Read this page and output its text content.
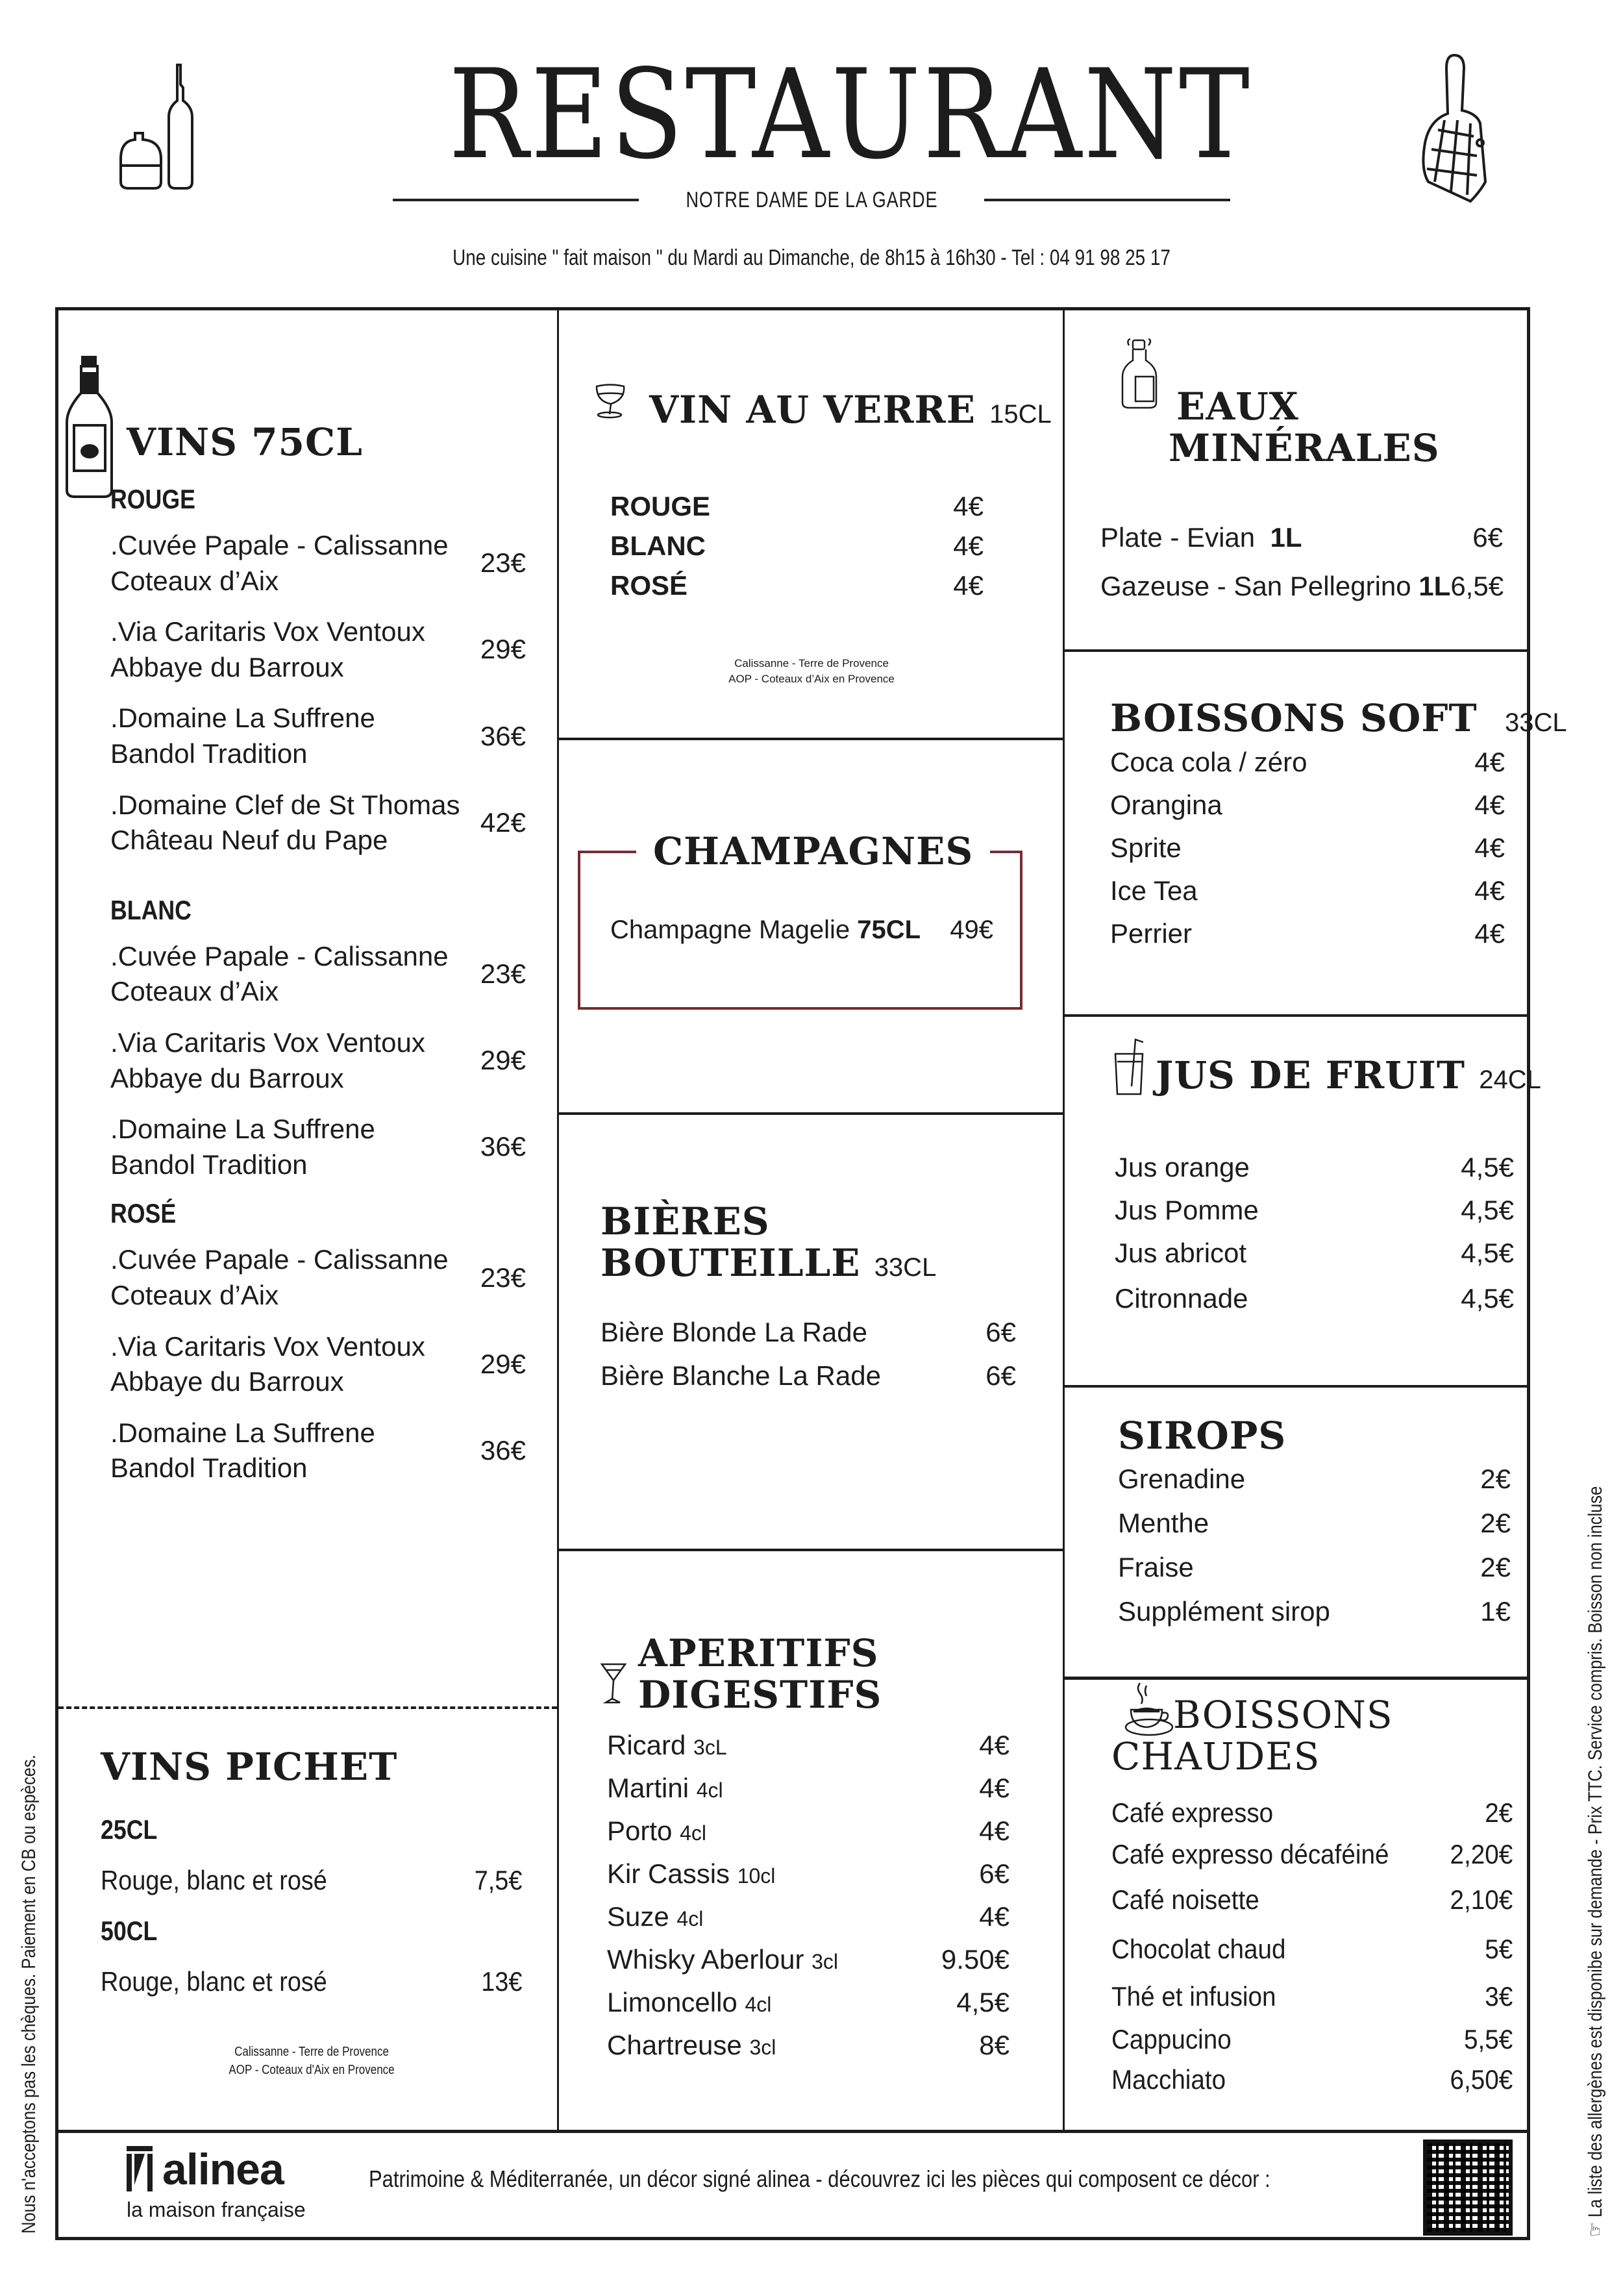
RESTAURANT
NOTRE DAME DE LA GARDE
Une cuisine " fait maison " du Mardi au Dimanche, de 8h15 à 16h30 - Tel : 04 91 98 25 17
VINS 75CL
ROUGE
.Cuvée Papale - Calissanne
Coteaux d’Aix
23€
.Via Caritaris Vox Ventoux
Abbaye du Barroux
29€
.Domaine La Suffrene
Bandol Tradition
36€
.Domaine Clef de St Thomas
Château Neuf du Pape
42€
BLANC
.Cuvée Papale - Calissanne
Coteaux d’Aix
23€
.Via Caritaris Vox Ventoux
Abbaye du Barroux
29€
.Domaine La Suffrene
Bandol Tradition
36€
ROSÉ
.Cuvée Papale - Calissanne
Coteaux d’Aix
23€
.Via Caritaris Vox Ventoux
Abbaye du Barroux
29€
.Domaine La Suffrene
Bandol Tradition
36€
VINS PICHET
25CL
Rouge, blanc et rosé	7,5€
50CL
Rouge, blanc et rosé	13€
Calissanne - Terre de Provence
AOP - Coteaux d'Aix en Provence
VIN AU VERRE 15CL
ROUGE	4€
BLANC	4€
ROSÉ	4€
Calissanne - Terre de Provence
AOP - Coteaux d’Aix en Provence
CHAMPAGNES
Champagne Magelie 75CL 49€
BIÈRES
BOUTEILLE 33CL
Bière Blonde La Rade	6€
Bière Blanche La Rade	6€
APERITIFS
DIGESTIFS
Ricard 3cL	4€
Martini 4cl	4€
Porto 4cl	4€
Kir Cassis 10cl	6€
Suze 4cl	4€
Whisky Aberlour 3cl	9.50€
Limoncello 4cl	4,5€
Chartreuse 3cl	8€
EAUX
MINÉRALES
Plate - Evian 1L	6€
Gazeuse - San Pellegrino 1L 6,5€
BOISSONS SOFT 33CL
Coca cola / zéro	4€
Orangina	4€
Sprite	4€
Ice Tea	4€
Perrier	4€
JUS DE FRUIT 24CL
Jus orange	4,5€
Jus Pomme	4,5€
Jus abricot	4,5€
Citronnade	4,5€
SIROPS
Grenadine	2€
Menthe	2€
Fraise	2€
Supplément sirop	1€
BOISSONS
CHAUDES
Café expresso	2€
Café expresso décaféiné 2,20€
Café noisette	2,10€
Chocolat chaud	5€
Thé et infusion	3€
Cappucino	5,5€
Macchiato	6,50€
alinea
la maison française
Patrimoine & Méditerranée, un décor signé alinea - découvrez ici les pièces qui composent ce décor :
Nous n'acceptons pas les chèques. Paiement en CB ou espèces.	☞ La liste des allergènes est disponibe sur demande - Prix TTC. Service compris. Boisson non incluse
